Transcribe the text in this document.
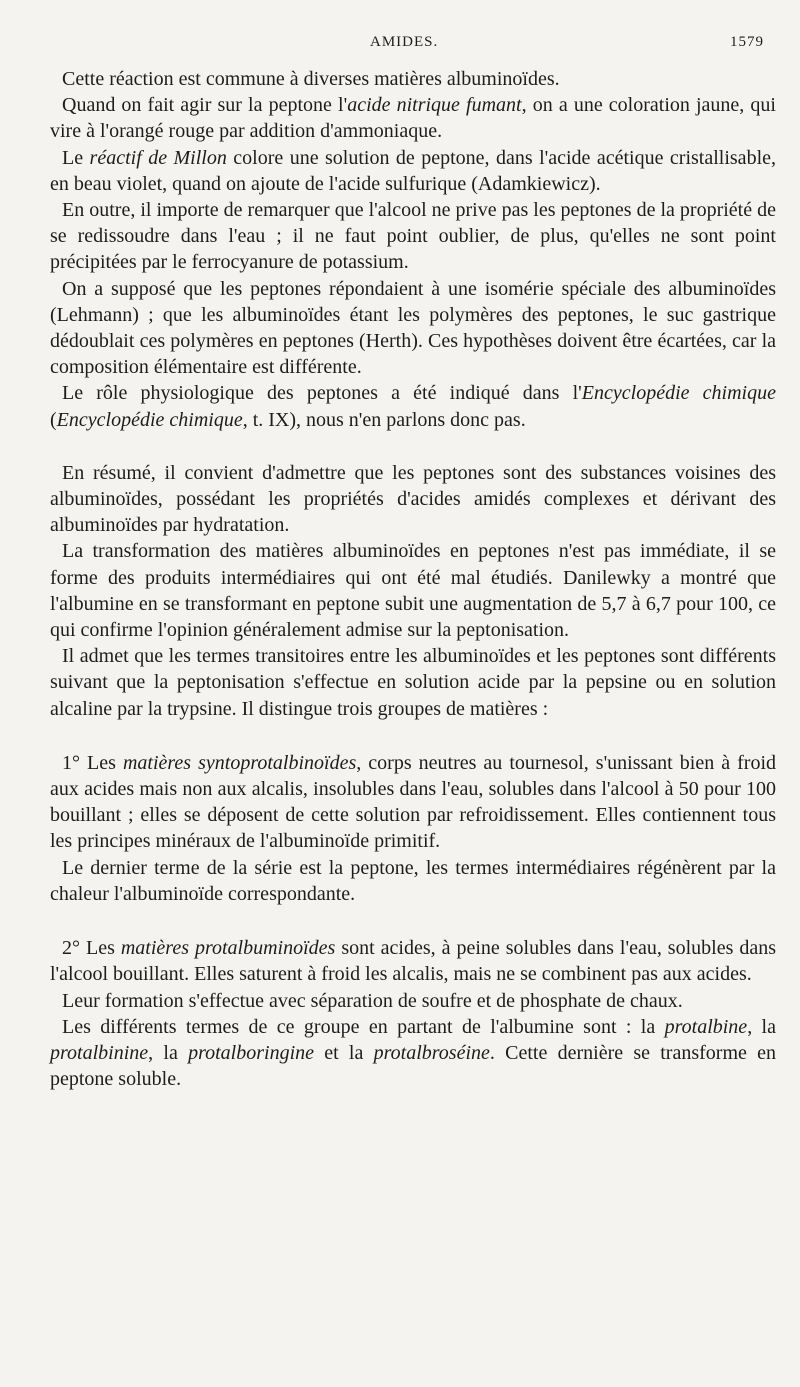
AMIDES.	1579

Cette réaction est commune à diverses matières albuminoïdes.

Quand on fait agir sur la peptone l'acide nitrique fumant, on a une coloration jaune, qui vire à l'orangé rouge par addition d'ammoniaque.

Le réactif de Millon colore une solution de peptone, dans l'acide acétique cristallisable, en beau violet, quand on ajoute de l'acide sulfurique (Adamkiewicz).

En outre, il importe de remarquer que l'alcool ne prive pas les peptones de la propriété de se redissoudre dans l'eau ; il ne faut point oublier, de plus, qu'elles ne sont point précipitées par le ferrocyanure de potassium.

On a supposé que les peptones répondaient à une isomérie spéciale des albuminoïdes (Lehmann) ; que les albuminoïdes étant les polymères des peptones, le suc gastrique dédoublait ces polymères en peptones (Herth). Ces hypothèses doivent être écartées, car la composition élémentaire est différente.

Le rôle physiologique des peptones a été indiqué dans l'Encyclopédie chimique (Encyclopédie chimique, t. IX), nous n'en parlons donc pas.

En résumé, il convient d'admettre que les peptones sont des substances voisines des albuminoïdes, possédant les propriétés d'acides amidés complexes et dérivant des albuminoïdes par hydratation.

La transformation des matières albuminoïdes en peptones n'est pas immédiate, il se forme des produits intermédiaires qui ont été mal étudiés. Danilewky a montré que l'albumine en se transformant en peptone subit une augmentation de 5,7 à 6,7 pour 100, ce qui confirme l'opinion généralement admise sur la peptonisation.

Il admet que les termes transitoires entre les albuminoïdes et les peptones sont différents suivant que la peptonisation s'effectue en solution acide par la pepsine ou en solution alcaline par la trypsine. Il distingue trois groupes de matières :

1° Les matières syntoprotalbinoïdes, corps neutres au tournesol, s'unissant bien à froid aux acides mais non aux alcalis, insolubles dans l'eau, solubles dans l'alcool à 50 pour 100 bouillant ; elles se déposent de cette solution par refroidissement. Elles contiennent tous les principes minéraux de l'albuminoïde primitif.

Le dernier terme de la série est la peptone, les termes intermédiaires régénèrent par la chaleur l'albuminoïde correspondante.

2° Les matières protalbuminoïdes sont acides, à peine solubles dans l'eau, solubles dans l'alcool bouillant. Elles saturent à froid les alcalis, mais ne se combinent pas aux acides.

Leur formation s'effectue avec séparation de soufre et de phosphate de chaux.

Les différents termes de ce groupe en partant de l'albumine sont : la protalbine, la protalbinine, la protalboringine et la protalbroséine. Cette dernière se transforme en peptone soluble.
